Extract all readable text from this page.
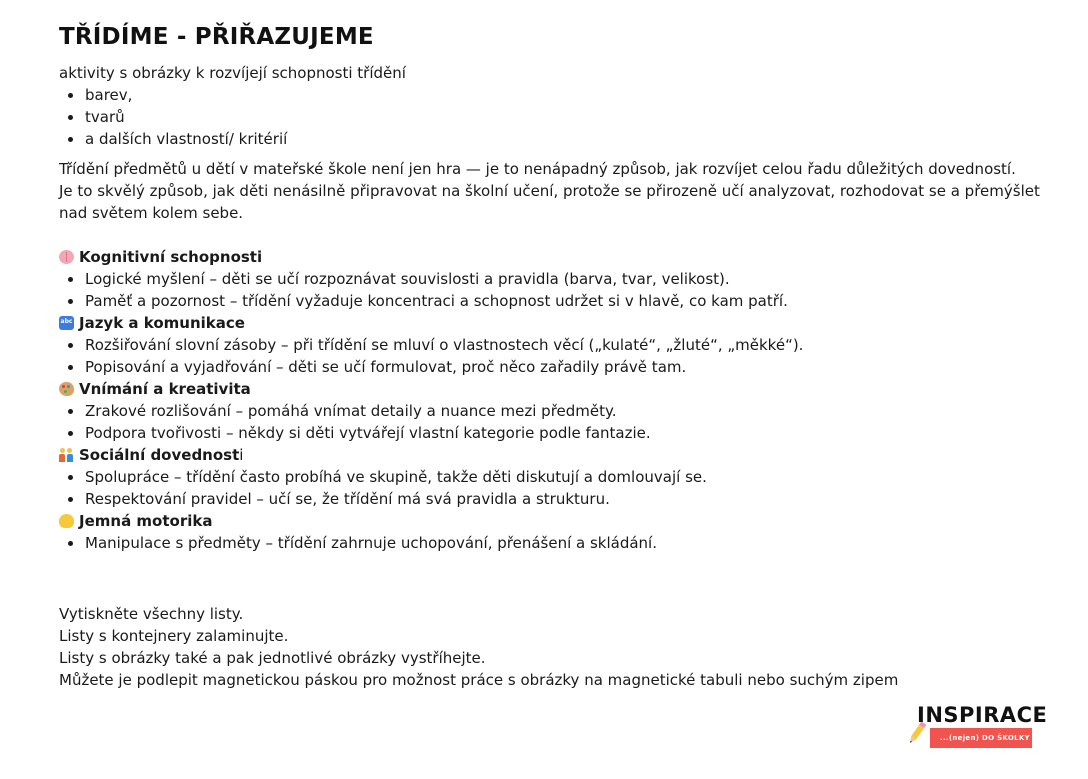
TŘÍDÍME - PŘIŘAZUJEME

aktivity s obrázky k rozvíjejí schopnosti třídění

barev,
tvarů
a dalších vlastností/ kritérií
Třídění předmětů u dětí v mateřské škole není jen hra — je to nenápadný způsob, jak rozvíjet celou řadu důležitých dovedností.
Je to skvělý způsob, jak děti nenásilně připravovat na školní učení, protože se přirozeně učí analyzovat, rozhodovat se a přemýšlet nad světem kolem sebe.
Kognitivní schopnosti
Logické myšlení – děti se učí rozpoznávat souvislosti a pravidla (barva, tvar, velikost).
Paměť a pozornost – třídění vyžaduje koncentraci a schopnost udržet si v hlavě, co kam patří.
abc
Jazyk a komunikace
Rozšiřování slovní zásoby – při třídění se mluví o vlastnostech věcí („kulaté“, „žluté“, „měkké“).
Popisování a vyjadřování – děti se učí formulovat, proč něco zařadily právě tam.
Vnímání a kreativita
Zrakové rozlišování – pomáhá vnímat detaily a nuance mezi předměty.
Podpora tvořivosti – někdy si děti vytvářejí vlastní kategorie podle fantazie.
Sociální dovednost i
Spolupráce – třídění často probíhá ve skupině, takže děti diskutují a domlouvají se.
Respektování pravidel – učí se, že třídění má svá pravidla a strukturu.
Jemná motorika
Manipulace s předměty – třídění zahrnuje uchopování, přenášení a skládání.
Vytiskněte všechny listy.
Listy s kontejnery zalaminujte.
Listy s obrázky také a pak jednotlivé obrázky vystříhejte.
Můžete je podlepit magnetickou páskou pro možnost práce s obrázky na magnetické tabuli nebo suchým zipem
INSPIRACE
...(nejen) DO ŠKOLKY
